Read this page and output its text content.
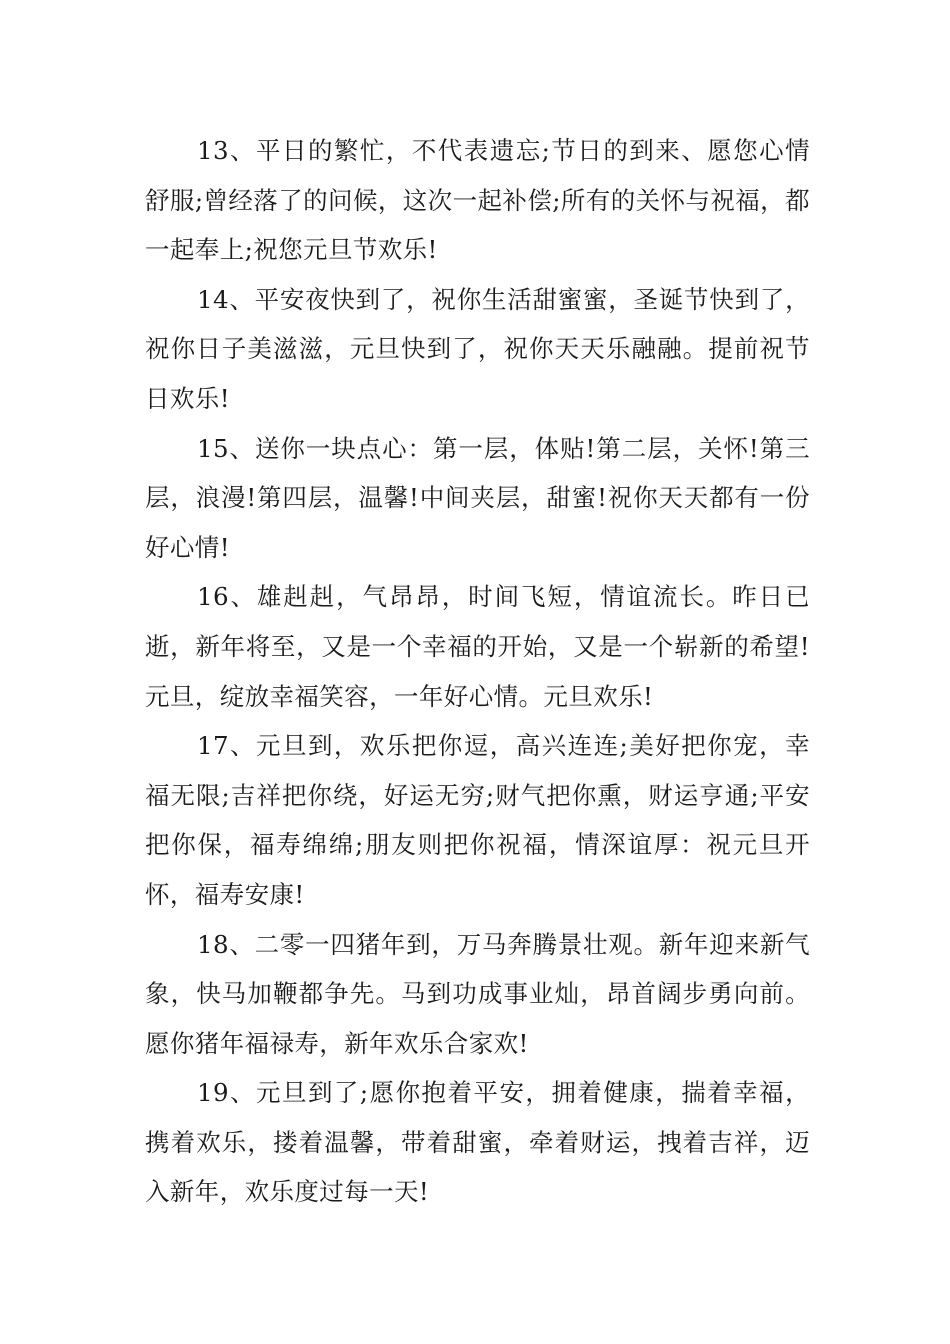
13、平日的繁忙，不代表遗忘;节日的到来、愿您心情舒服;曾经落了的问候，这次一起补偿;所有的关怀与祝福，都一起奉上;祝您元旦节欢乐!

14、平安夜快到了，祝你生活甜蜜蜜，圣诞节快到了，祝你日子美滋滋，元旦快到了，祝你天天乐融融。提前祝节日欢乐!

15、送你一块点心：第一层，体贴!第二层，关怀!第三层，浪漫!第四层，温馨!中间夹层，甜蜜!祝你天天都有一份好心情!

16、雄赳赳，气昂昂，时间飞短，情谊流长。昨日已逝，新年将至，又是一个幸福的开始，又是一个崭新的希望!元旦，绽放幸福笑容，一年好心情。元旦欢乐!

17、元旦到，欢乐把你逗，高兴连连;美好把你宠，幸福无限;吉祥把你绕，好运无穷;财气把你熏，财运亨通;平安把你保，福寿绵绵;朋友则把你祝福，情深谊厚：祝元旦开怀，福寿安康!

18、二零一四猪年到，万马奔腾景壮观。新年迎来新气象，快马加鞭都争先。马到功成事业灿，昂首阔步勇向前。愿你猪年福禄寿，新年欢乐合家欢!

19、元旦到了;愿你抱着平安，拥着健康，揣着幸福，携着欢乐，搂着温馨，带着甜蜜，牵着财运，拽着吉祥，迈入新年，欢乐度过每一天!
